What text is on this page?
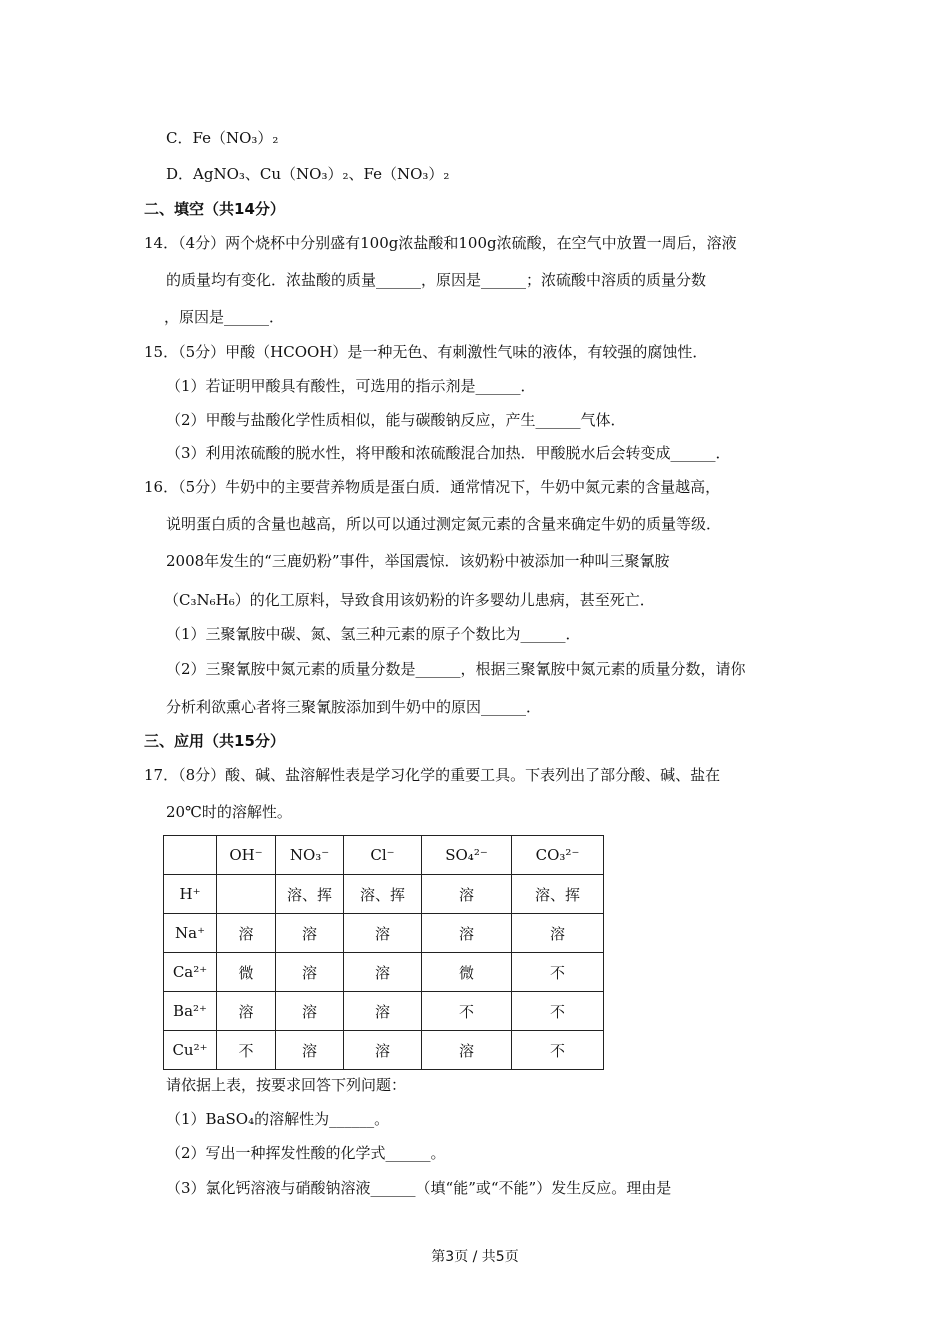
C．Fe（NO₃）₂
D．AgNO₃、Cu（NO₃）₂、Fe（NO₃）₂
二、填空（共14分）
14．（4分）两个烧杯中分别盛有100g浓盐酸和100g浓硫酸，在空气中放置一周后，溶液
的质量均有变化．浓盐酸的质量______，原因是______；浓硫酸中溶质的质量分数
，原因是______．
15．（5分）甲酸（HCOOH）是一种无色、有刺激性气味的液体，有较强的腐蚀性．
（1）若证明甲酸具有酸性，可选用的指示剂是______．
（2）甲酸与盐酸化学性质相似，能与碳酸钠反应，产生______气体．
（3）利用浓硫酸的脱水性，将甲酸和浓硫酸混合加热．甲酸脱水后会转变成______．
16．（5分）牛奶中的主要营养物质是蛋白质．通常情况下，牛奶中氮元素的含量越高，
说明蛋白质的含量也越高，所以可以通过测定氮元素的含量来确定牛奶的质量等级．
2008年发生的“三鹿奶粉”事件，举国震惊．该奶粉中被添加一种叫三聚氰胺
（C₃N₆H₆）的化工原料，导致食用该奶粉的许多婴幼儿患病，甚至死亡．
（1）三聚氰胺中碳、氮、氢三种元素的原子个数比为______．
（2）三聚氰胺中氮元素的质量分数是______，根据三聚氰胺中氮元素的质量分数，请你
分析利欲熏心者将三聚氰胺添加到牛奶中的原因______．
三、应用（共15分）
17．（8分）酸、碱、盐溶解性表是学习化学的重要工具。下表列出了部分酸、碱、盐在
20℃时的溶解性。
	OH⁻	NO₃⁻	Cl⁻	SO₄²⁻	CO₃²⁻
H⁺		溶、挥	溶、挥	溶	溶、挥
Na⁺	溶	溶	溶	溶	溶
Ca²⁺	微	溶	溶	微	不
Ba²⁺	溶	溶	溶	不	不
Cu²⁺	不	溶	溶	溶	不
请依据上表，按要求回答下列问题：
（1）BaSO₄的溶解性为______。
（2）写出一种挥发性酸的化学式______。
（3）氯化钙溶液与硝酸钠溶液______（填“能”或“不能”）发生反应。理由是
第3页 / 共5页
